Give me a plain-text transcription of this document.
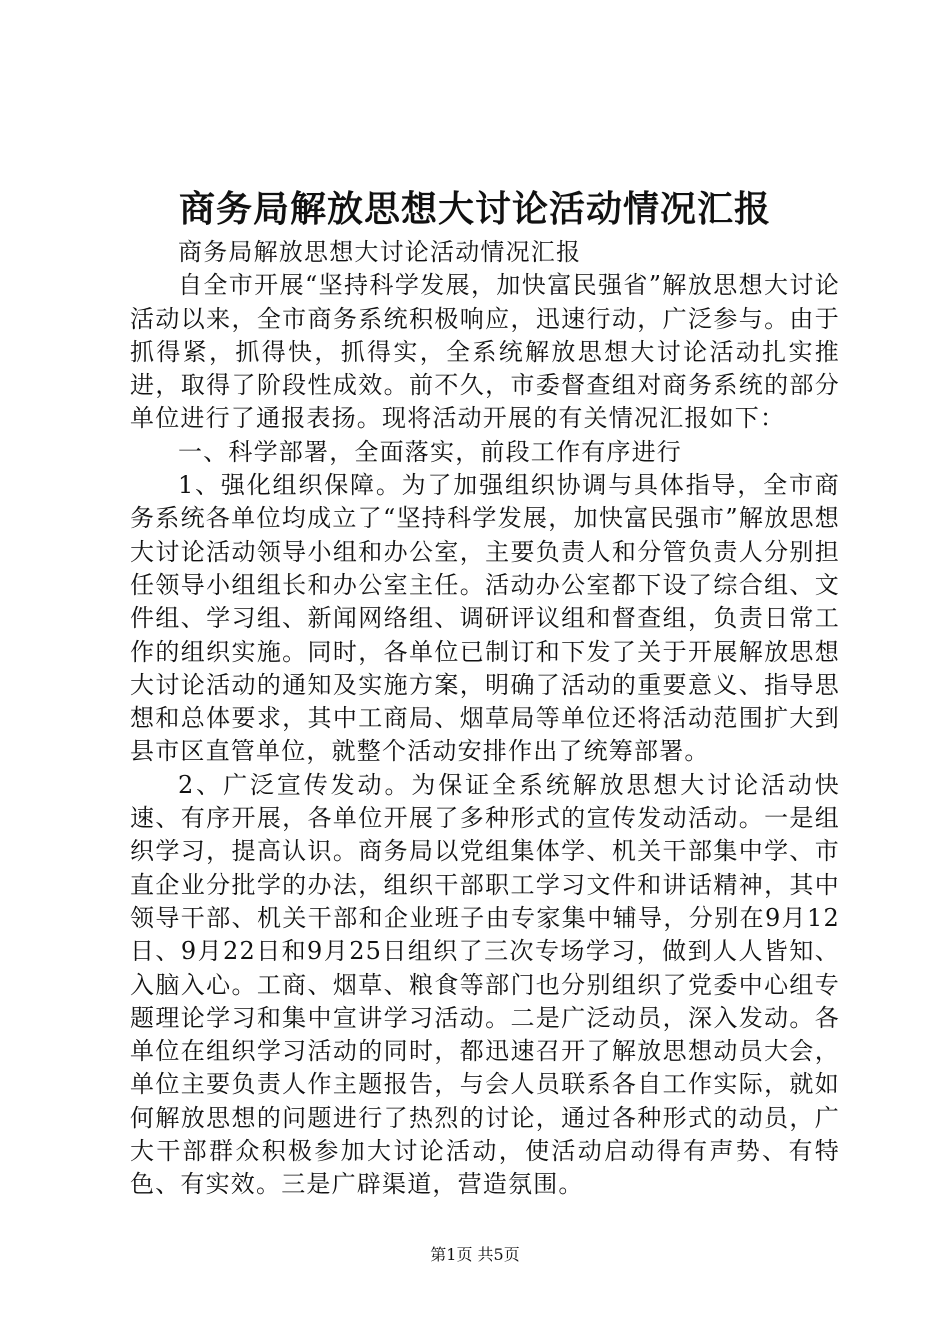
商务局解放思想大讨论活动情况汇报

商务局解放思想大讨论活动情况汇报

自全市开展“坚持科学发展，加快富民强省”解放思想大讨论活动以来，全市商务系统积极响应，迅速行动，广泛参与。由于抓得紧，抓得快，抓得实，全系统解放思想大讨论活动扎实推进，取得了阶段性成效。前不久，市委督查组对商务系统的部分单位进行了通报表扬。现将活动开展的有关情况汇报如下：

一、科学部署，全面落实，前段工作有序进行

1、强化组织保障。为了加强组织协调与具体指导，全市商务系统各单位均成立了“坚持科学发展，加快富民强市”解放思想大讨论活动领导小组和办公室，主要负责人和分管负责人分别担任领导小组组长和办公室主任。活动办公室都下设了综合组、文件组、学习组、新闻网络组、调研评议组和督查组，负责日常工作的组织实施。同时，各单位已制订和下发了关于开展解放思想大讨论活动的通知及实施方案，明确了活动的重要意义、指导思想和总体要求，其中工商局、烟草局等单位还将活动范围扩大到县市区直管单位，就整个活动安排作出了统筹部署。

2、广泛宣传发动。为保证全系统解放思想大讨论活动快速、有序开展，各单位开展了多种形式的宣传发动活动。一是组织学习，提高认识。商务局以党组集体学、机关干部集中学、市直企业分批学的办法，组织干部职工学习文件和讲话精神，其中领导干部、机关干部和企业班子由专家集中辅导，分别在9月12日、9月22日和9月25日组织了三次专场学习，做到人人皆知、入脑入心。工商、烟草、粮食等部门也分别组织了党委中心组专题理论学习和集中宣讲学习活动。二是广泛动员，深入发动。各单位在组织学习活动的同时，都迅速召开了解放思想动员大会，单位主要负责人作主题报告，与会人员联系各自工作实际，就如何解放思想的问题进行了热烈的讨论，通过各种形式的动员，广大干部群众积极参加大讨论活动，使活动启动得有声势、有特色、有实效。三是广辟渠道，营造氛围。

第1页 共5页
